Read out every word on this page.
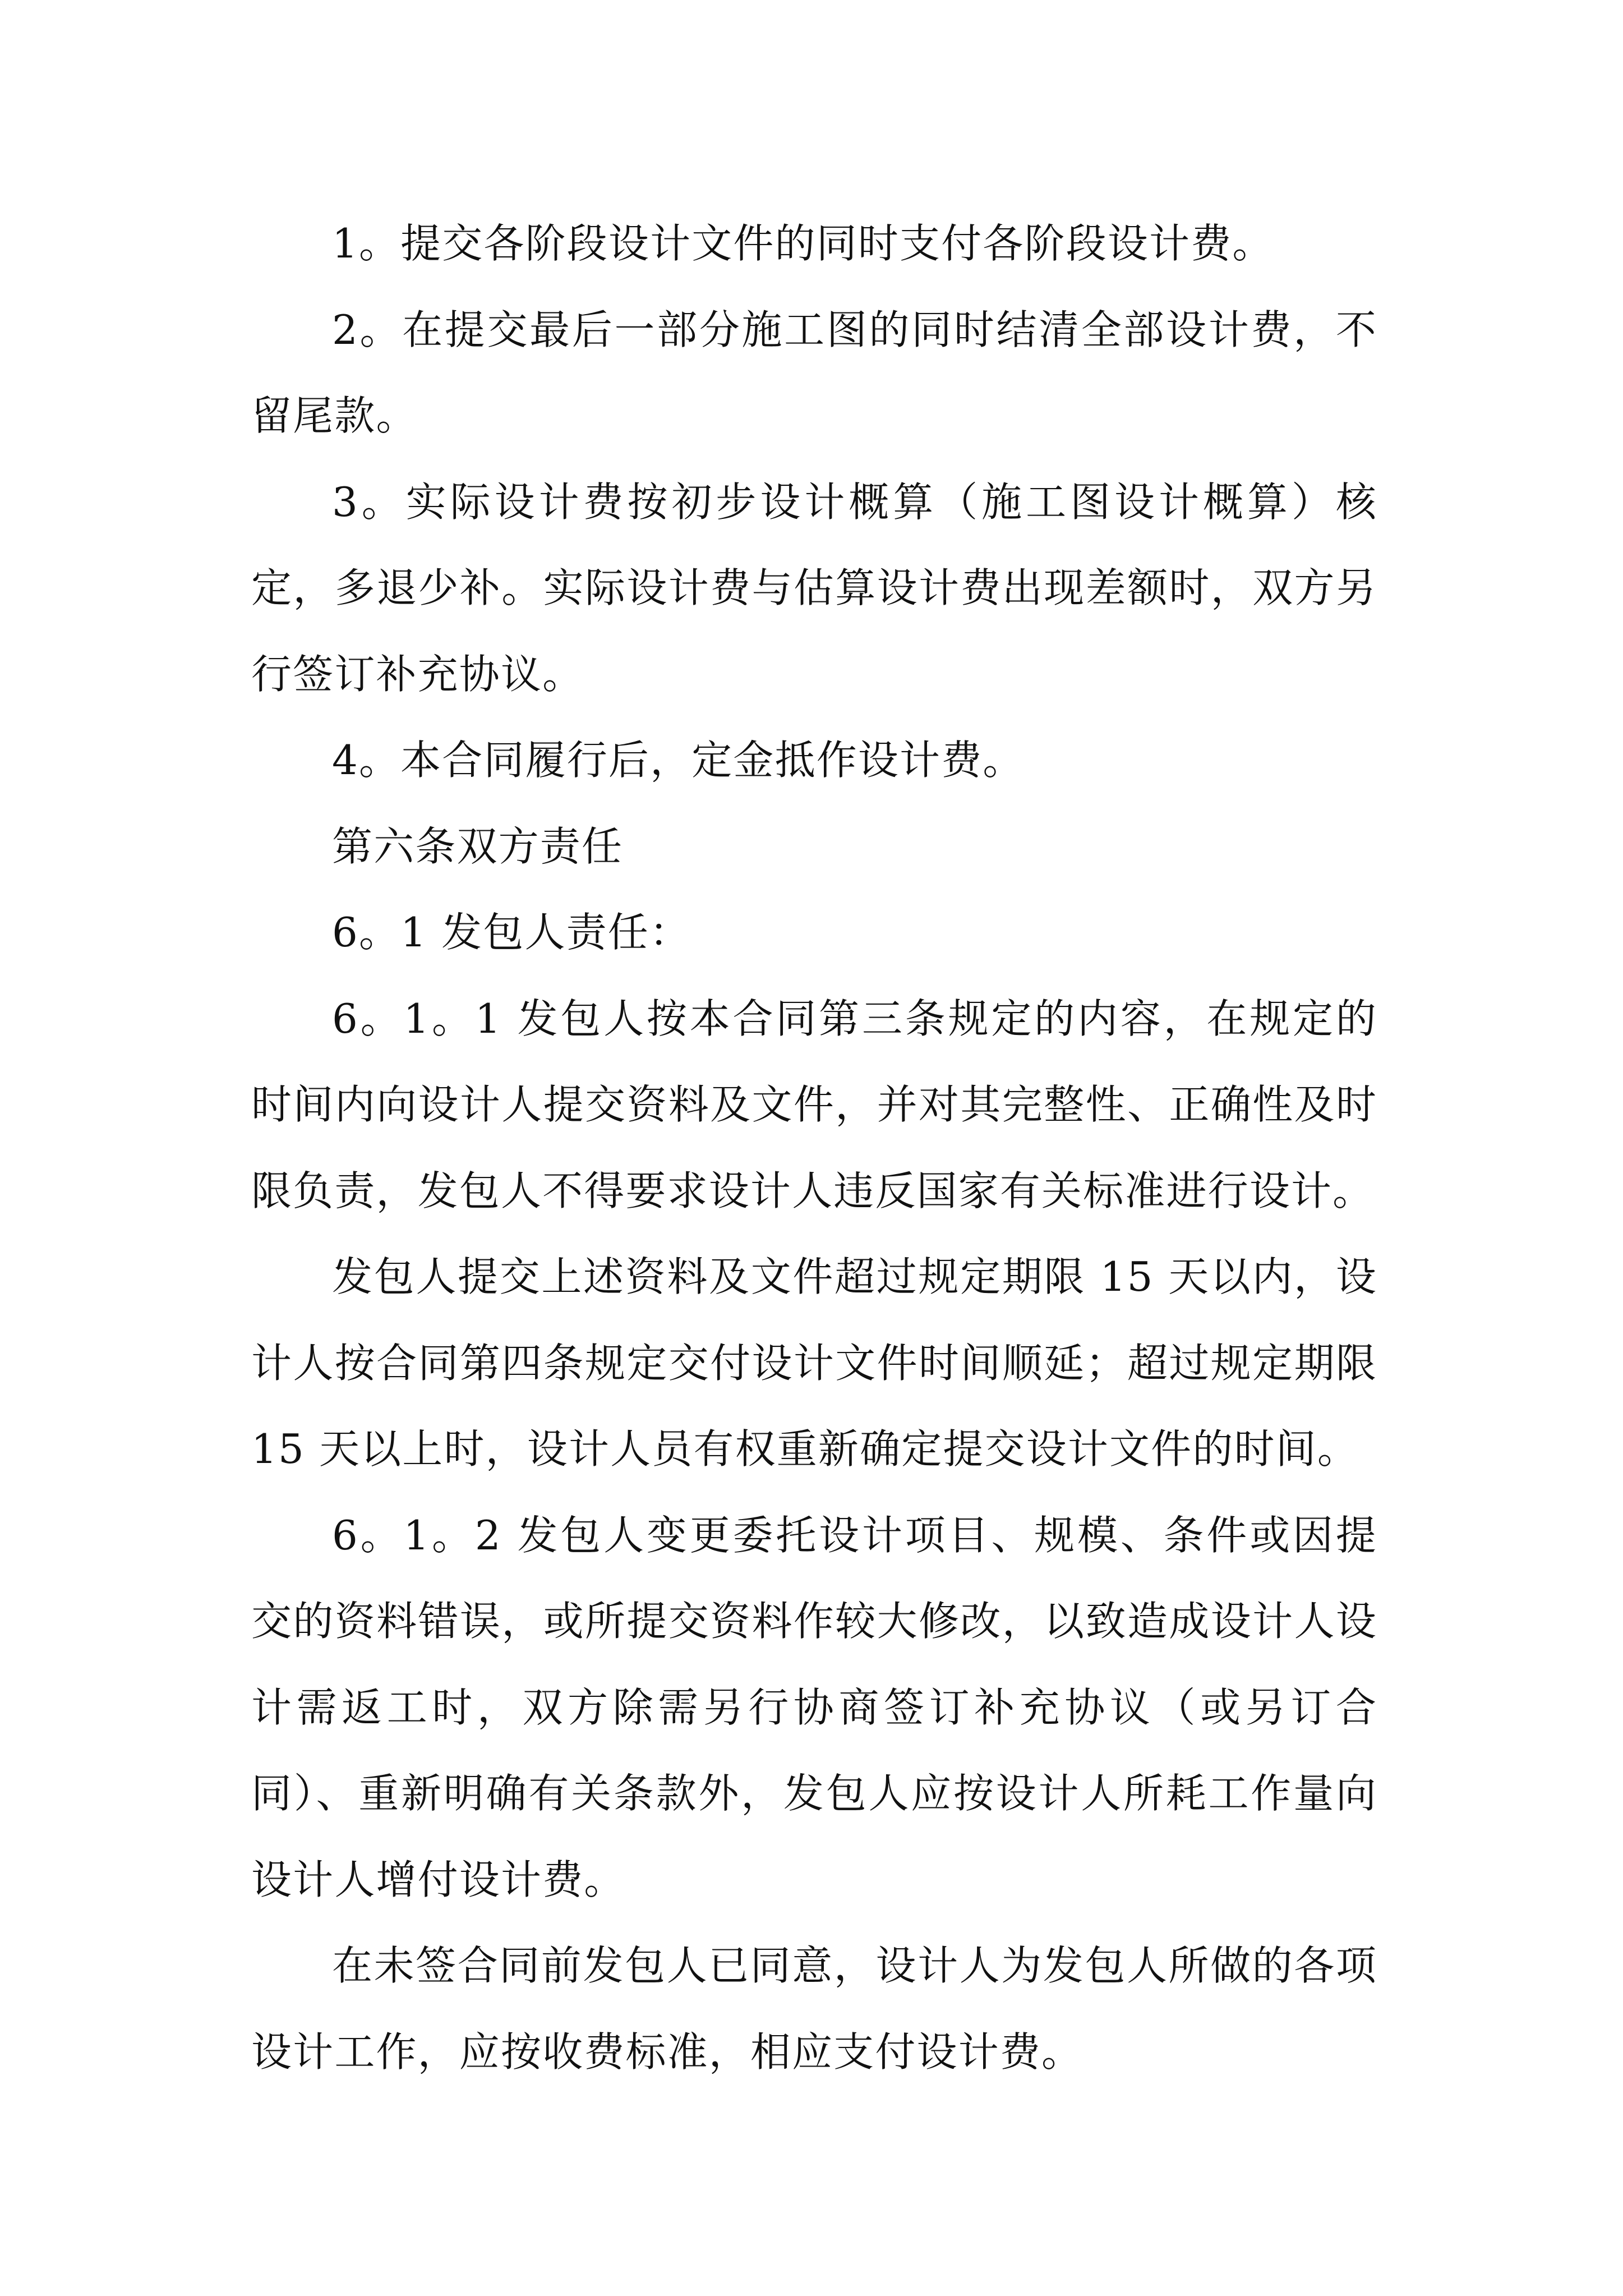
1。提交各阶段设计文件的同时支付各阶段设计费。

2。在提交最后一部分施工图的同时结清全部设计费，不留尾款。

3。实际设计费按初步设计概算（施工图设计概算）核定，多退少补。实际设计费与估算设计费出现差额时，双方另行签订补充协议。

4。本合同履行后，定金抵作设计费。

第六条双方责任

6。1 发包人责任：

6。1。1 发包人按本合同第三条规定的内容，在规定的时间内向设计人提交资料及文件，并对其完整性、正确性及时限负责，发包人不得要求设计人违反国家有关标准进行设计。

发包人提交上述资料及文件超过规定期限 15 天以内，设计人按合同第四条规定交付设计文件时间顺延；超过规定期限 15 天以上时，设计人员有权重新确定提交设计文件的时间。

6。1。2 发包人变更委托设计项目、规模、条件或因提交的资料错误，或所提交资料作较大修改，以致造成设计人设计需返工时，双方除需另行协商签订补充协议（或另订合同）、重新明确有关条款外，发包人应按设计人所耗工作量向设计人增付设计费。

在未签合同前发包人已同意，设计人为发包人所做的各项设计工作，应按收费标准，相应支付设计费。
